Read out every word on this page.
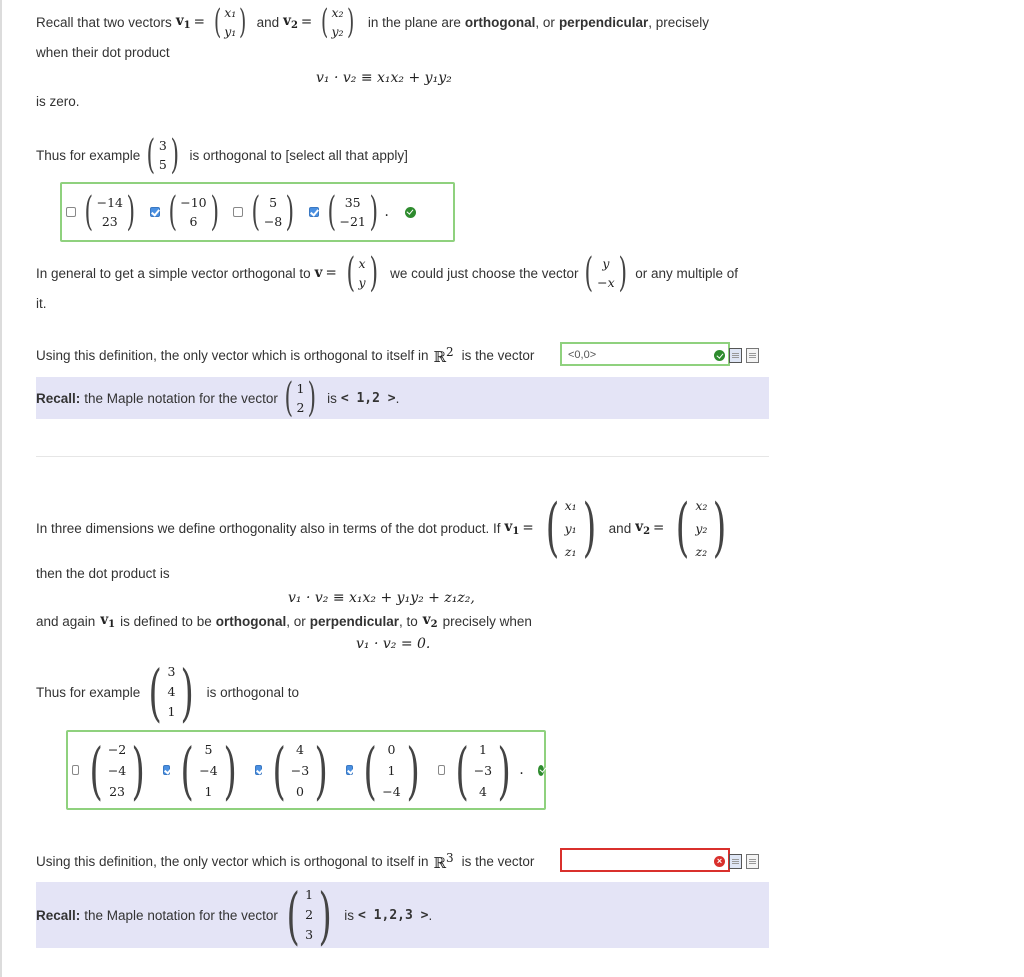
Recall that two vectors $v_1$ = ( x₁
y₁ ) and $v_2$ = ( x₂
y₂ ) in the plane are orthogonal , or perpendicular , precisely
when their dot product
v₁ · v₂ ≡ x₁x₂ + y₁y₂
is zero.
Thus for example ( 3
5 ) is orthogonal to [select all that apply]
( −14
23 ) ( −10
6 ) ( 5
−8 ) ( 35
−21 ) .
In general to get a simple vector orthogonal to v = ( x
y ) we could just choose the vector ( y
−x ) or any multiple of
it.
Using this definition, the only vector which is orthogonal to itself in ℝ$^2$ is the vector	<0,0>
Recall: the Maple notation for the vector ( 1
2 ) is < 1,2 > .
In three dimensions we define orthogonality also in terms of the dot product. If $v_1$ = ( x₁
y₁
z₁ ) and $v_2$ = ( x₂
y₂
z₂ )
then the dot product is
v₁ · v₂ ≡ x₁x₂ + y₁y₂ + z₁z₂,
and again $v_1$ is defined to be orthogonal , or perpendicular , to $v_2$ precisely when
v₁ · v₂ = 0.
Thus for example ( 3
4
1 ) is orthogonal to
( −2
−4
23 ) ( 5
−4
1 ) ( 4
−3
0 ) ( 0
1
−4 ) ( 1
−3
4 ) .
Using this definition, the only vector which is orthogonal to itself in ℝ$^3$ is the vector	×
Recall: the Maple notation for the vector ( 1
2
3 ) is < 1,2,3 > .
